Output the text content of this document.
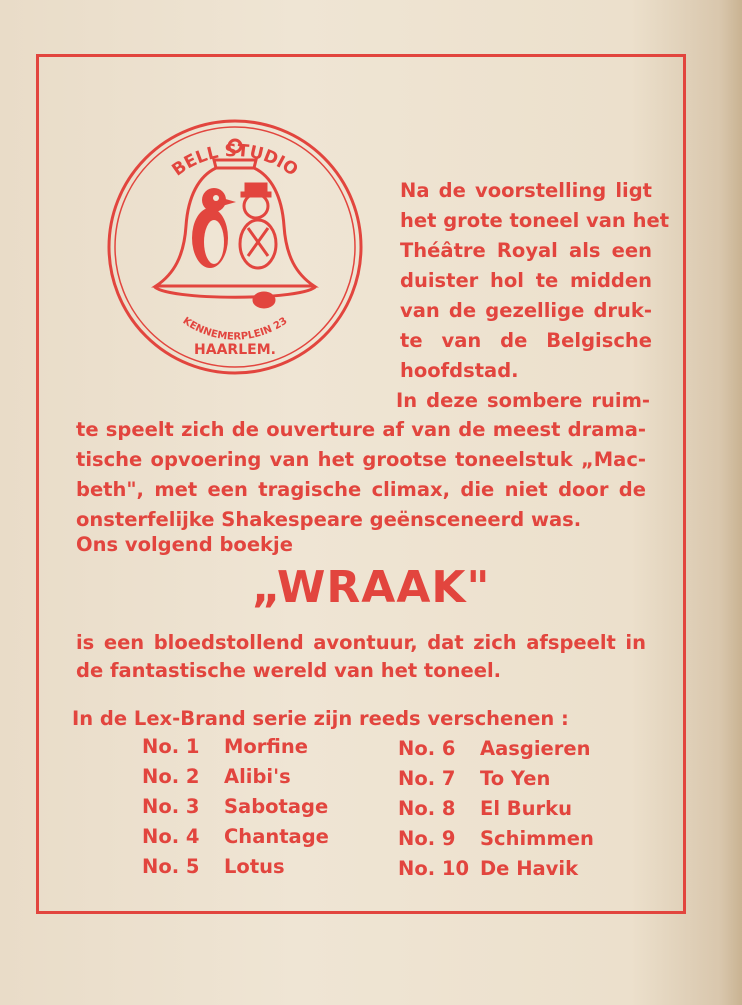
BELL STUDIO
KENNEMERPLEIN 23
HAARLEM.
Na de voorstelling ligt
het grote toneel van het
Théâtre Royal als een
duister hol te midden
van de gezellige druk-
te van de Belgische
hoofdstad.
In deze sombere ruim-
te speelt zich de ouverture af van de meest drama-
tische opvoering van het grootse toneelstuk „Mac-
beth", met een tragische climax, die niet door de
onsterfelijke Shakespeare geënsceneerd was.
Ons volgend boekje
„WRAAK"
is een bloedstollend avontuur, dat zich afspeelt in
de fantastische wereld van het toneel.
In de Lex-Brand serie zijn reeds verschenen :
No. 1	Morfine
No. 2	Alibi's
No. 3	Sabotage
No. 4	Chantage
No. 5	Lotus
No. 6	Aasgieren
No. 7	To Yen
No. 8	El Burku
No. 9	Schimmen
No. 10 De Havik
